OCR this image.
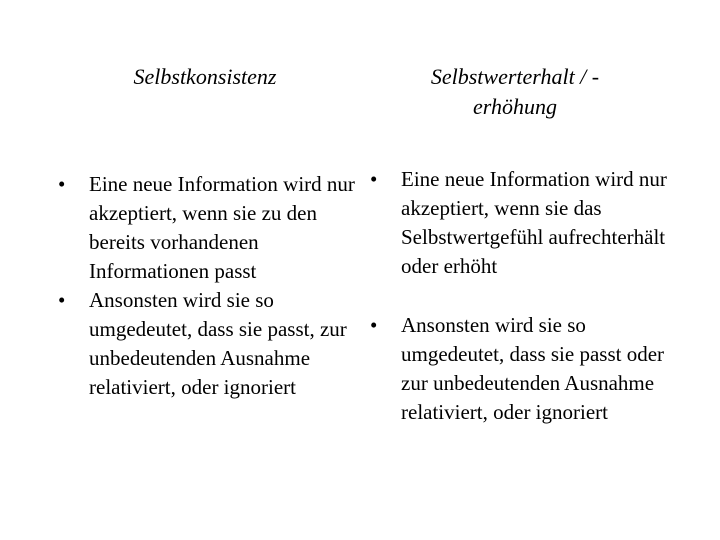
Selbstkonsistenz	Selbstwerterhalt / -
erhöhung
• Eine neue Information wird nur akzeptiert, wenn sie zu den bereits vorhandenen Informationen passt
• Ansonsten wird sie so umgedeutet, dass sie passt, zur unbedeutenden Ausnahme relativiert, oder ignoriert
• Eine neue Information wird nur akzeptiert, wenn sie das Selbstwertgefühl aufrechterhält oder erhöht
• Ansonsten wird sie so umgedeutet, dass sie passt oder zur unbedeutenden Ausnahme relativiert, oder ignoriert
